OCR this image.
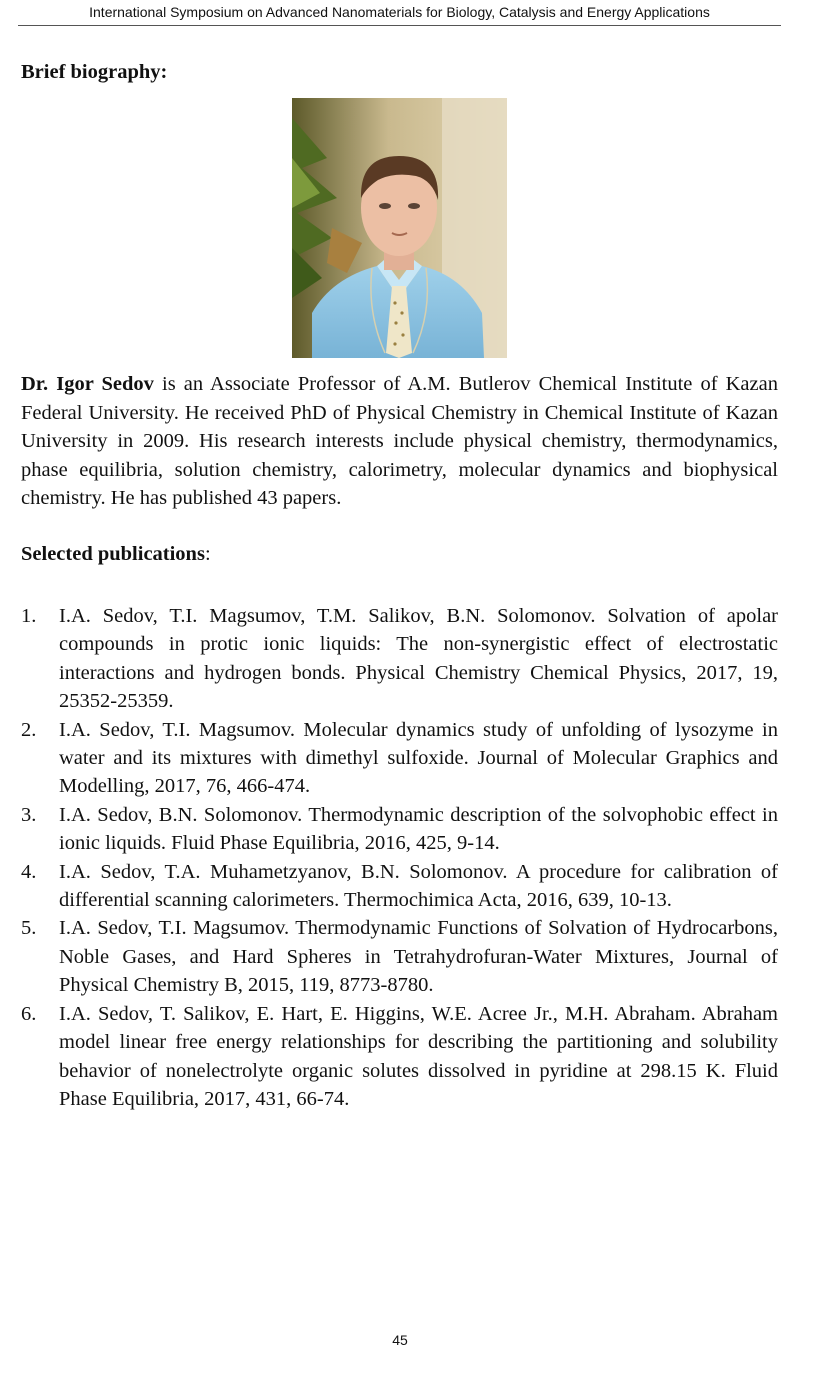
International Symposium on Advanced Nanomaterials for Biology, Catalysis and Energy Applications
Brief biography:

Dr. Igor Sedov is an Associate Professor of A.M. Butlerov Chemical Institute of Kazan Federal University. He received PhD of Physical Chemistry in Chemical Institute of Kazan University in 2009. His research interests include physical chemistry, thermodynamics, phase equilibria, solution chemistry, calorimetry, molecular dynamics and biophysical chemistry. He has published 43 papers.

Selected publications:
1. I.A. Sedov, T.I. Magsumov, T.M. Salikov, B.N. Solomonov. Solvation of apolar compounds in protic ionic liquids: The non-synergistic effect of electrostatic interactions and hydrogen bonds. Physical Chemistry Chemical Physics, 2017, 19, 25352-25359.
2. I.A. Sedov, T.I. Magsumov. Molecular dynamics study of unfolding of lysozyme in water and its mixtures with dimethyl sulfoxide. Journal of Molecular Graphics and Modelling, 2017, 76, 466-474.
3. I.A. Sedov, B.N. Solomonov. Thermodynamic description of the solvophobic effect in ionic liquids. Fluid Phase Equilibria, 2016, 425, 9-14.
4. I.A. Sedov, T.A. Muhametzyanov, B.N. Solomonov. A procedure for calibration of differential scanning calorimeters. Thermochimica Acta, 2016, 639, 10-13.
5. I.A. Sedov, T.I. Magsumov. Thermodynamic Functions of Solvation of Hydrocarbons, Noble Gases, and Hard Spheres in Tetrahydrofuran-Water Mixtures, Journal of Physical Chemistry B, 2015, 119, 8773-8780.
6. I.A. Sedov, T. Salikov, E. Hart, E. Higgins, W.E. Acree Jr., M.H. Abraham. Abraham model linear free energy relationships for describing the partitioning and solubility behavior of nonelectrolyte organic solutes dissolved in pyridine at 298.15 K. Fluid Phase Equilibria, 2017, 431, 66-74.
45
